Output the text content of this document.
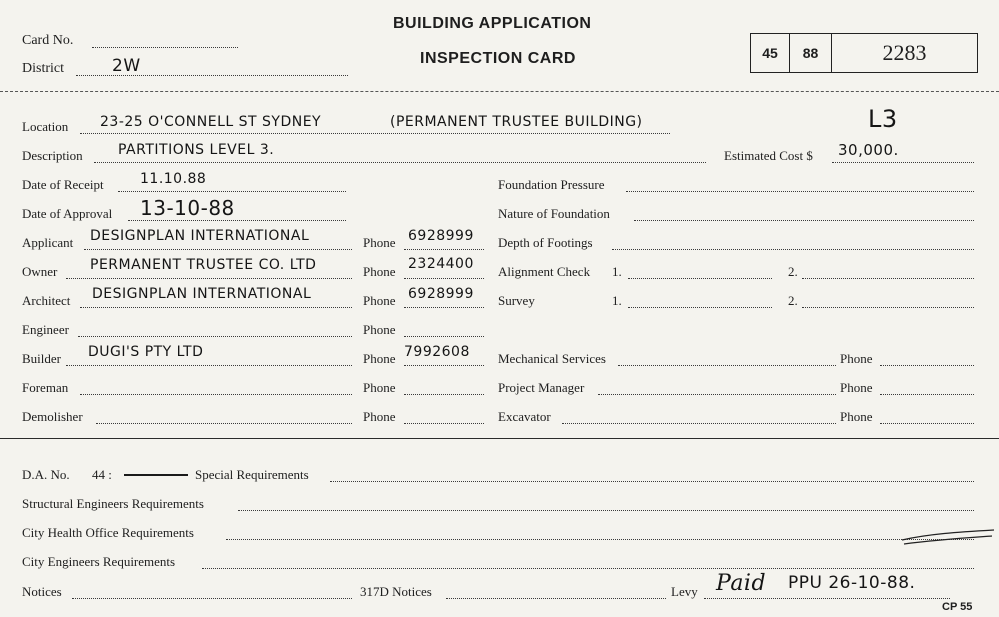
Card No.
District	2W
BUILDING APPLICATION
INSPECTION CARD	45	88	2283
Location 23-25 O'CONNELL ST SYDNEY	(PERMANENT TRUSTEE BUILDING)	L3
Description	PARTITIONS LEVEL 3.	Estimated Cost $ 30,000.
Date of Receipt	11.10.88
Date of Approval 13-10-88
Applicant DESIGNPLAN INTERNATIONAL	Phone 6928999
Owner PERMANENT TRUSTEE CO. LTD	Phone 2324400
Architect DESIGNPLAN INTERNATIONAL	Phone 6928999
Engineer	Phone
Builder DUGI'S PTY LTD	Phone 7992608
Foreman	Phone
Demolisher	Phone
Foundation Pressure
Nature of Foundation
Depth of Footings
Alignment Check 1.	2.
Survey	1.	2.
Mechanical Services	Phone
Project Manager	Phone
Excavator	Phone
D.A. No. 44 :	Special Requirements
Structural Engineers Requirements
City Health Office Requirements
City Engineers Requirements
Notices	317D Notices	Levy Paid PPU 26-10-88.
CP 55
